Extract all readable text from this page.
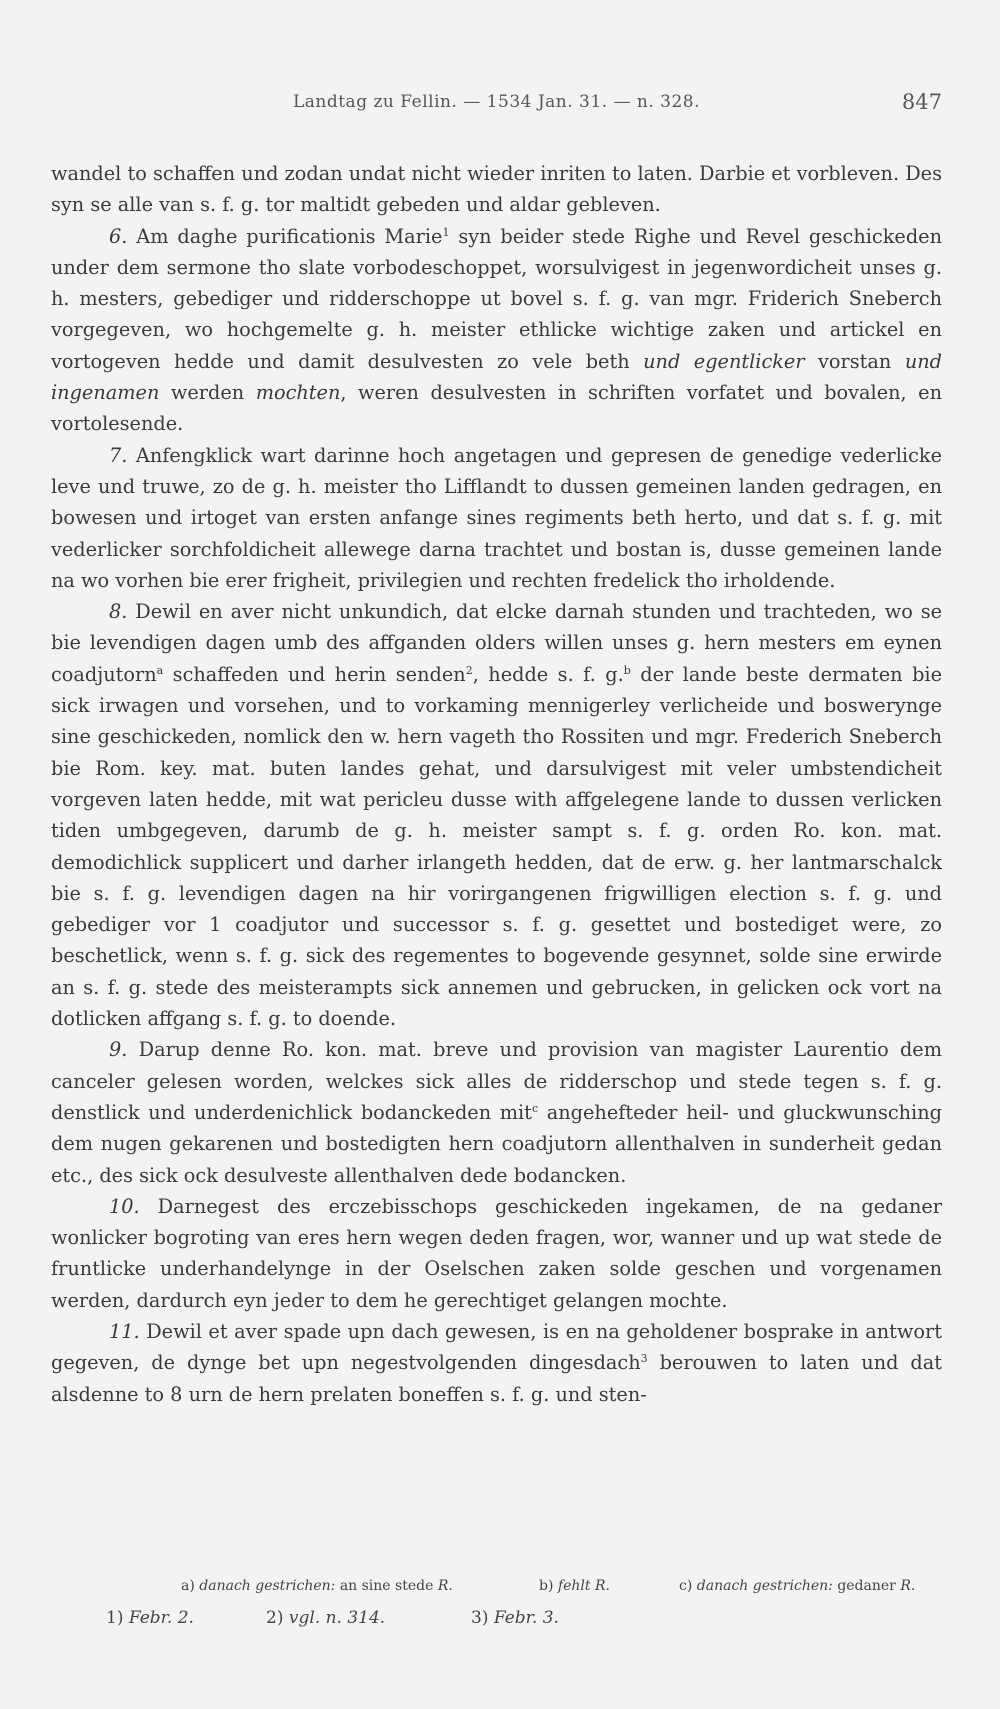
Landtag zu Fellin. — 1534 Jan. 31. — n. 328.	847

wandel to schaffen und zodan undat nicht wieder inriten to laten. Darbie et vorbleven. Des syn se alle van s. f. g. tor maltidt gebeden und aldar gebleven.

6. Am daghe purificationis Marie$^1$ syn beider stede Righe und Revel geschickeden under dem sermone tho slate vorbodeschoppet, worsulvigest in jegenwordicheit unses g. h. mesters, gebediger und ridderschoppe ut bovel s. f. g. van mgr. Friderich Sneberch vorgegeven, wo hochgemelte g. h. meister ethlicke wichtige zaken und artickel en vortogeven hedde und damit desulvesten zo vele beth und egentlicker vorstan und ingenamen werden mochten, weren desulvesten in schriften vorfatet und bovalen, en vortolesende.

7. Anfengklick wart darinne hoch angetagen und gepresen de genedige vederlicke leve und truwe, zo de g. h. meister tho Lifflandt to dussen gemeinen landen gedragen, en bowesen und irtoget van ersten anfange sines regiments beth herto, und dat s. f. g. mit vederlicker sorchfoldicheit allewege darna trachtet und bostan is, dusse gemeinen lande na wo vorhen bie erer frigheit, privilegien und rechten fredelick tho irholdende.

8. Dewil en aver nicht unkundich, dat elcke darnah stunden und trachteden, wo se bie levendigen dagen umb des affganden olders willen unses g. hern mesters em eynen coadjutorn$^a$ schaffeden und herin senden$^2$, hedde s. f. g.$^b$ der lande beste dermaten bie sick irwagen und vorsehen, und to vorkaming mennigerley verlicheide und boswerynge sine geschickeden, nomlick den w. hern vageth tho Rossiten und mgr. Frederich Sneberch bie Rom. key. mat. buten landes gehat, und darsulvigest mit veler umbstendicheit vorgeven laten hedde, mit wat pericleu dusse with affgelegene lande to dussen verlicken tiden umbgegeven, darumb de g. h. meister sampt s. f. g. orden Ro. kon. mat. demodichlick supplicert und darher irlangeth hedden, dat de erw. g. her lantmarschalck bie s. f. g. levendigen dagen na hir vorirgangenen frigwilligen election s. f. g. und gebediger vor 1 coadjutor und successor s. f. g. gesettet und bostediget were, zo beschetlick, wenn s. f. g. sick des regementes to bogevende gesynnet, solde sine erwirde an s. f. g. stede des meisterampts sick annemen und gebrucken, in gelicken ock vort na dotlicken affgang s. f. g. to doende.

9. Darup denne Ro. kon. mat. breve und provision van magister Laurentio dem canceler gelesen worden, welckes sick alles de ridderschop und stede tegen s. f. g. denstlick und underdenichlick bodanckeden mit$^c$ angehefteder heil- und gluckwunsching dem nugen gekarenen und bostedigten hern coadjutorn allenthalven in sunderheit gedan etc., des sick ock desulveste allenthalven dede bodancken.

10. Darnegest des erczebisschops geschickeden ingekamen, de na gedaner wonlicker bogroting van eres hern wegen deden fragen, wor, wanner und up wat stede de fruntlicke underhandelynge in der Oselschen zaken solde geschen und vorgenamen werden, dardurch eyn jeder to dem he gerechtiget gelangen mochte.

11. Dewil et aver spade upn dach gewesen, is en na geholdener bosprake in antwort gegeven, de dynge bet upn negestvolgenden dingesdach$^3$ berouwen to laten und dat alsdenne to 8 urn de hern prelaten boneffen s. f. g. und sten-

a) danach gestrichen: an sine stede R.	b) fehlt R.	c) danach gestrichen: gedaner R.
1) Febr. 2.	2) vgl. n. 314.	3) Febr. 3.
